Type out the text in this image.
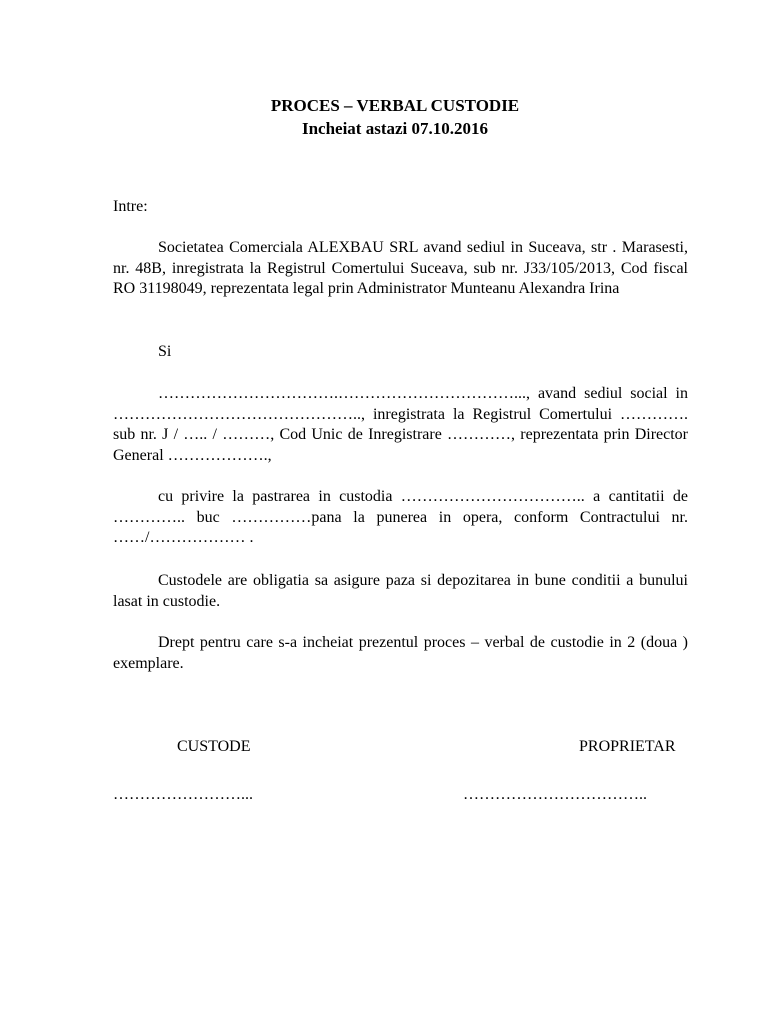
PROCES – VERBAL CUSTODIE
Incheiat astazi 07.10.2016
Intre:
Societatea Comerciala ALEXBAU SRL avand sediul in Suceava, str . Marasesti, nr. 48B, inregistrata la Registrul Comertului Suceava, sub nr. J33/105/2013, Cod fiscal RO 31198049, reprezentata legal prin Administrator Munteanu Alexandra Irina
Si
…………………………….……………………………..., avand sediul social in ……………………………………….., inregistrata la Registrul Comertului …………. sub nr. J / ….. / ………, Cod Unic de Inregistrare …………, reprezentata prin Director General ……………….,
cu privire la pastrarea in custodia …………………………….. a cantitatii de ………….. buc ……………pana la punerea in opera, conform Contractului nr. ……/……………… .
Custodele are obligatia sa asigure paza si depozitarea in bune conditii a bunului lasat in custodie.
Drept pentru care s-a incheiat prezentul proces – verbal de custodie in 2 (doua ) exemplare.
CUSTODE	PROPRIETAR
……………………...	……………………………..
